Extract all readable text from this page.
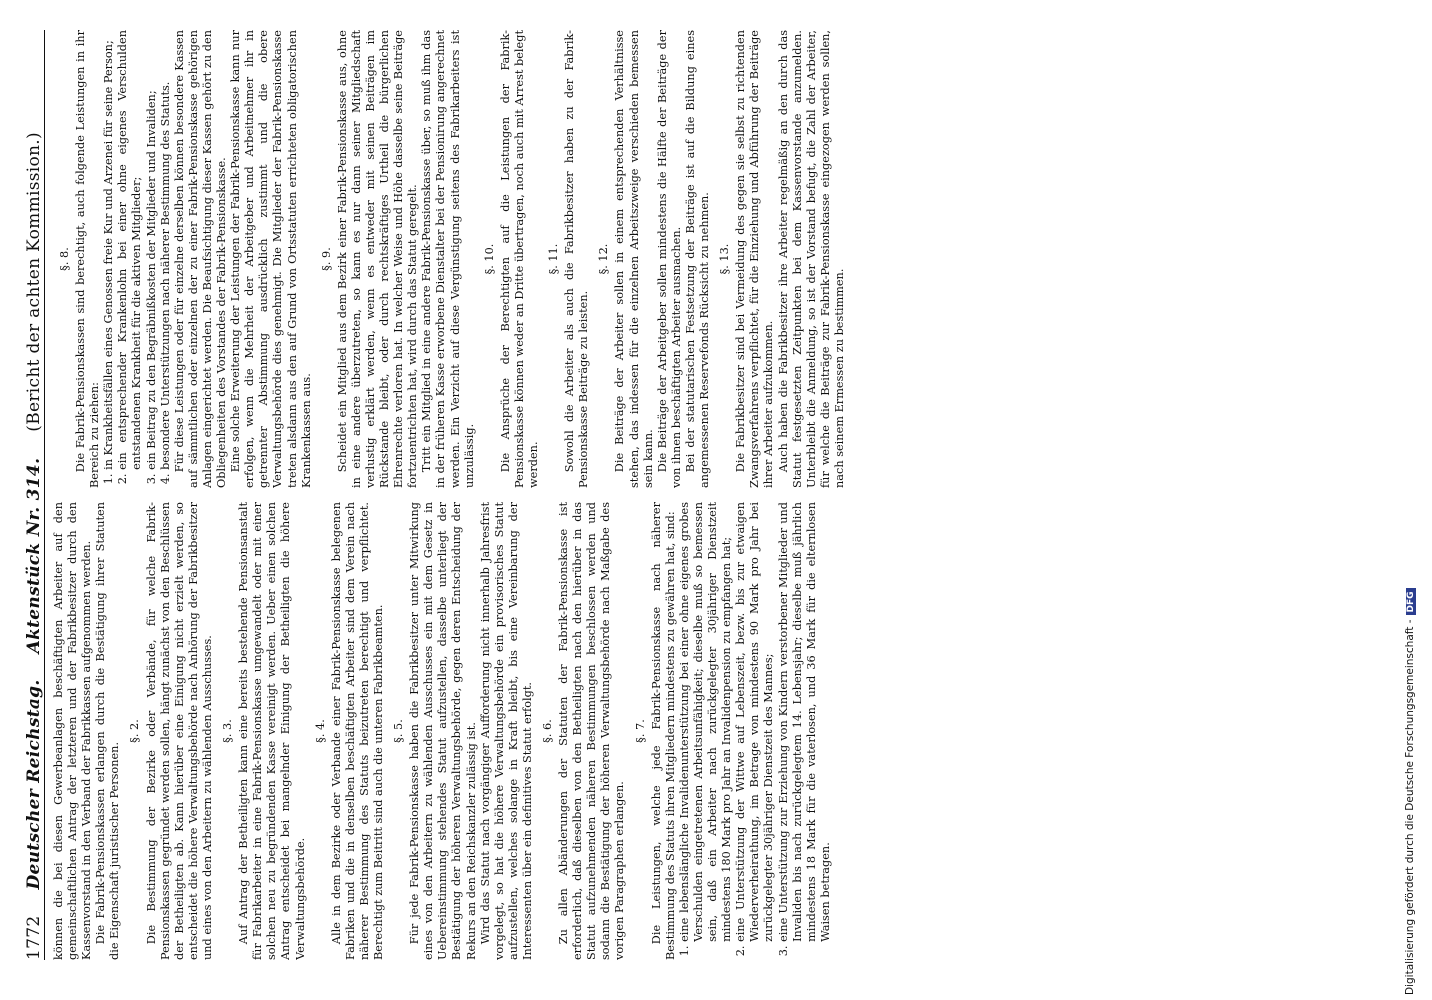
1772
Deutscher Reichstag.
Aktenstück Nr. 314.
(Bericht der achten Kommission.)

können die bei diesen Gewerbeanlagen beschäftigten Arbeiter auf den gemeinschaftlichen Antrag der letzteren und der Fabrikbesitzer durch den Kassenvorstand in den Verband der Fabrikkassen aufgenommen werden. Die Fabrik-Pensionskassen erlangen durch die Bestätigung ihrer Statuten die Eigenschaft juristischer Personen.

§. 2. Die Bestimmung der Bezirke oder Verbände, für welche Fabrik-Pensionskassen gegründet werden sollen, hängt zunächst von den Beschlüssen der Betheiligten ab. Kann hierüber eine Einigung nicht erzielt werden, so entscheidet die höhere Verwaltungsbehörde nach Anhörung der Fabrikbesitzer und eines von den Arbeitern zu wählenden Ausschusses. §. 3. Auf Antrag der Betheiligten kann eine bereits bestehende Pensionsanstalt für Fabrikarbeiter in eine Fabrik-Pensionskasse umgewandelt oder mit einer solchen neu zu begründenden Kasse vereinigt werden. Ueber einen solchen Antrag entscheidet bei mangelnder Einigung der Betheiligten die höhere Verwaltungsbehörde.

§. 4. Alle in dem Bezirke oder Verbande einer Fabrik-Pensionskasse belegenen Fabriken und die in denselben beschäftigten Arbeiter sind dem Verein nach näherer Bestimmung des Statuts beizutreten berechtigt und verpflichtet. Berechtigt zum Beitritt sind auch die unteren Fabrikbeamten. §. 5. Für jede Fabrik-Pensionskasse haben die Fabrikbesitzer unter Mitwirkung eines von den Arbeitern zu wählenden Ausschusses ein mit dem Gesetz in Uebereinstimmung stehendes Statut aufzustellen, dasselbe unterliegt der Bestätigung der höheren Verwaltungsbehörde, gegen deren Entscheidung der Rekurs an den Reichskanzler zulässig ist. Wird das Statut nach vorgängiger Aufforderung nicht innerhalb Jahresfrist vorgelegt, so hat die höhere Verwaltungsbehörde ein provisorisches Statut aufzustellen, welches solange in Kraft bleibt, bis eine Vereinbarung der Interessenten über ein definitives Statut erfolgt. §. 6. Zu allen Abänderungen der Statuten der Fabrik-Pensionskasse ist erforderlich, daß dieselben von den Betheiligten nach den hierüber in das Statut aufzunehmenden näheren Bestimmungen beschlossen werden und sodann die Bestätigung der höheren Verwaltungsbehörde nach Maßgabe des vorigen Paragraphen erlangen.

§. 7. Die Leistungen, welche jede Fabrik-Pensionskasse nach näherer Bestimmung des Statuts ihren Mitgliedern mindestens zu gewähren hat, sind: 1. eine lebenslängliche Invalidenunterstützung bei einer ohne eigenes grobes Verschulden eingetretenen Arbeitsunfähigkeit; dieselbe muß so bemessen sein, daß ein Arbeiter nach zurückgelegter 30jähriger Dienstzeit mindestens 180 Mark pro Jahr an Invalidenpension zu empfangen hat; 2. eine Unterstützung der Wittwe auf Lebenszeit, bezw. bis zur etwaigen Wiederverheirathung, im Betrage von mindestens 90 Mark pro Jahr bei zurückgelegter 30jähriger Dienstzeit des Mannes; 3. eine Unterstützung zur Erziehung von Kindern verstorbener Mitglieder und Invaliden bis nach zurückgelegtem 14. Lebensjahr; dieselbe muß jährlich mindestens 18 Mark für die vaterlosen, und 36 Mark für die elternlosen Waisen betragen.

§. 8. Die Fabrik-Pensionskassen sind berechtigt, auch folgende Leistungen in ihr Bereich zu ziehen: 1. in Krankheitsfällen eines Genossen freie Kur und Arzenei für seine Person; 2. ein entsprechender Krankenlohn bei einer ohne eigenes Verschulden entstandenen Krankheit für die aktiven Mitglieder; 3. ein Beitrag zu den Begräbnißkosten der Mitglieder und Invaliden; 4. besondere Unterstützungen nach näherer Bestimmung des Statuts. Für diese Leistungen oder für einzelne derselben können besondere Kassen auf sämmtlichen oder einzelnen der zu einer Fabrik-Pensionskasse gehörigen Anlagen eingerichtet werden. Die Beaufsichtigung dieser Kassen gehört zu den Obliegenheiten des Vorstandes der Fabrik-Pensionskasse. Eine solche Erweiterung der Leistungen der Fabrik-Pensionskasse kann nur erfolgen, wenn die Mehrheit der Arbeitgeber und Arbeitnehmer ihr in getrennter Abstimmung ausdrücklich zustimmt und die obere Verwaltungsbehörde dies genehmigt. Die Mitglieder der Fabrik-Pensionskasse treten alsdann aus den auf Grund von Ortsstatuten errichteten obligatorischen Krankenkassen aus.

§. 9. Scheidet ein Mitglied aus dem Bezirk einer Fabrik-Pensionskasse aus, ohne in eine andere überzutreten, so kann es nur dann seiner Mitgliedschaft verlustig erklärt werden, wenn es entweder mit seinen Beiträgen im Rückstande bleibt, oder durch rechtskräftiges Urtheil die bürgerlichen Ehrenrechte verloren hat. In welcher Weise und Höhe dasselbe seine Beiträge fortzuentrichten hat, wird durch das Statut geregelt. Tritt ein Mitglied in eine andere Fabrik-Pensionskasse über, so muß ihm das in der früheren Kasse erworbene Dienstalter bei der Pensionirung angerechnet werden. Ein Verzicht auf diese Vergünstigung seitens des Fabrikarbeiters ist unzulässig.

§. 10. Die Ansprüche der Berechtigten auf die Leistungen der Fabrik-Pensionskasse können weder an Dritte übertragen, noch auch mit Arrest belegt werden.

§. 11. Sowohl die Arbeiter als auch die Fabrikbesitzer haben zu der Fabrik-Pensionskasse Beiträge zu leisten.

§. 12. Die Beiträge der Arbeiter sollen in einem entsprechenden Verhältnisse stehen, das indessen für die einzelnen Arbeitszweige verschieden bemessen sein kann. Die Beiträge der Arbeitgeber sollen mindestens die Hälfte der Beiträge der von ihnen beschäftigten Arbeiter ausmachen. Bei der statutarischen Festsetzung der Beiträge ist auf die Bildung eines angemessenen Reservefonds Rücksicht zu nehmen. §. 13. Die Fabrikbesitzer sind bei Vermeidung des gegen sie selbst zu richtenden Zwangsverfahrens verpflichtet, für die Einziehung und Abführung der Beiträge ihrer Arbeiter aufzukommen. Auch haben die Fabrikbesitzer ihre Arbeiter regelmäßig an den durch das Statut festgesetzten Zeitpunkten bei dem Kassenvorstande anzumelden. Unterbleibt die Anmeldung, so ist der Vorstand befugt, die Zahl der Arbeiter, für welche die Beiträge zur Fabrik-Pensionskasse eingezogen werden sollen, nach seinem Ermessen zu bestimmen.

Digitalisierung gefördert durch die Deutsche Forschungsgemeinschaft -DFG
